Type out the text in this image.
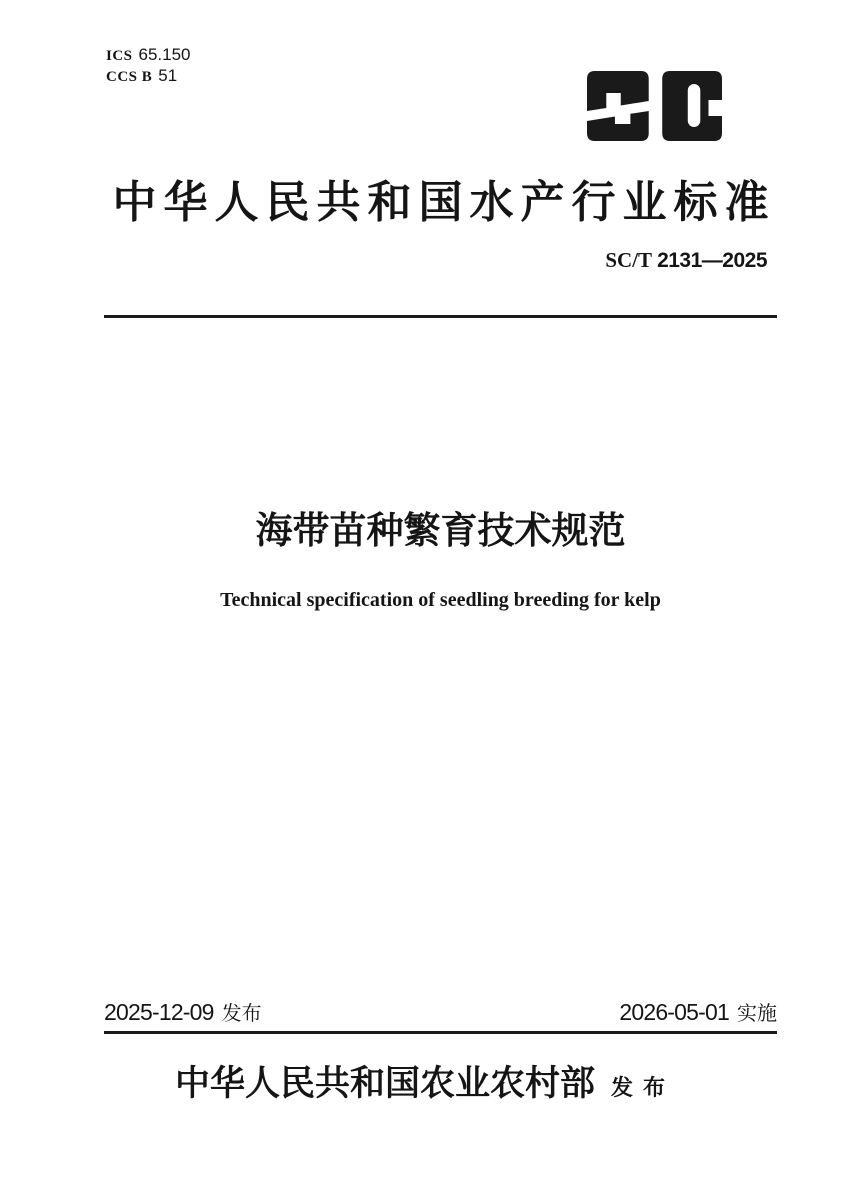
ICS 65.150
CCS B 51
中华人民共和国水产行业标准
SC/T 2131—2025
海带苗种繁育技术规范
Technical specification of seedling breeding for kelp
2025-12-09 发布	2026-05-01 实施
中华人民共和国农业农村部 发布
